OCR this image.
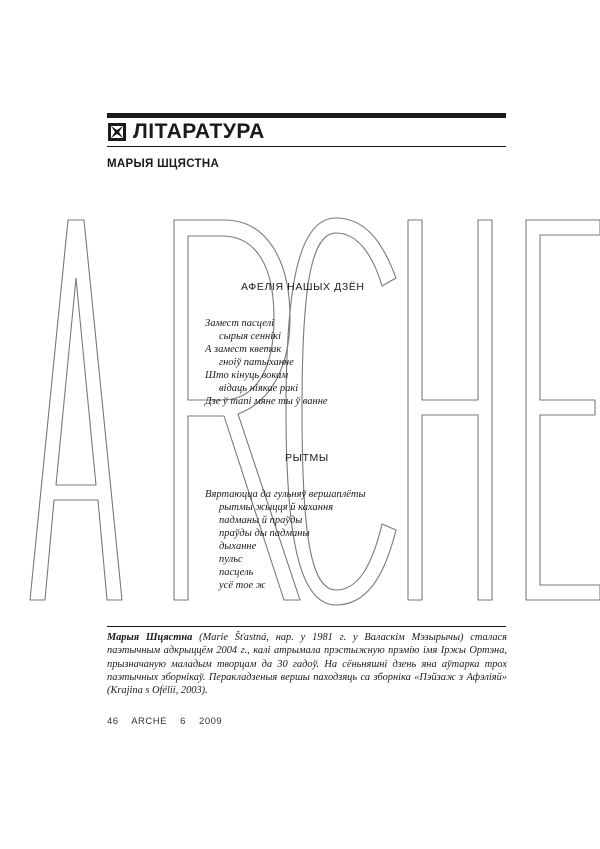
ЛІТАРАТУРА
МАРЫЯ ШЦЯСТНА
АФЕЛІЯ НАШЫХ ДЗЁН
Замест пасцелі
сырыя сеннікі
А замест кветак
гноіў патыханне
Што кінуць вокам
відаць ніякае ракі
Дзе ў тапі мяне ты ў ванне
РЫТМЫ
Вяртаюцца да гульняў вершаплёты
рытмы жыцця й кахання
падманы й праўды
праўды ды падманы
дыханне
пульс
пасцель
усё тое ж
Марыя Шцястна (Marie Šťastná, нар. у 1981 г. у Валаскім Мэзырычы) сталася паэтычным адкрыццём 2004 г., калі атрымала прэстыжную прэмію імя Іржы Ортэна, прызначаную маладым творцам да 30 гадоў. На сёньняшні дзень яна аўтарка трох паэтычных зборнікаў. Перакладзеныя вершы паходзяць са зборніка «Пэйзаж з Афэліяй» (Krajina s Ofélií, 2003).
46 ARCHE 6 2009
